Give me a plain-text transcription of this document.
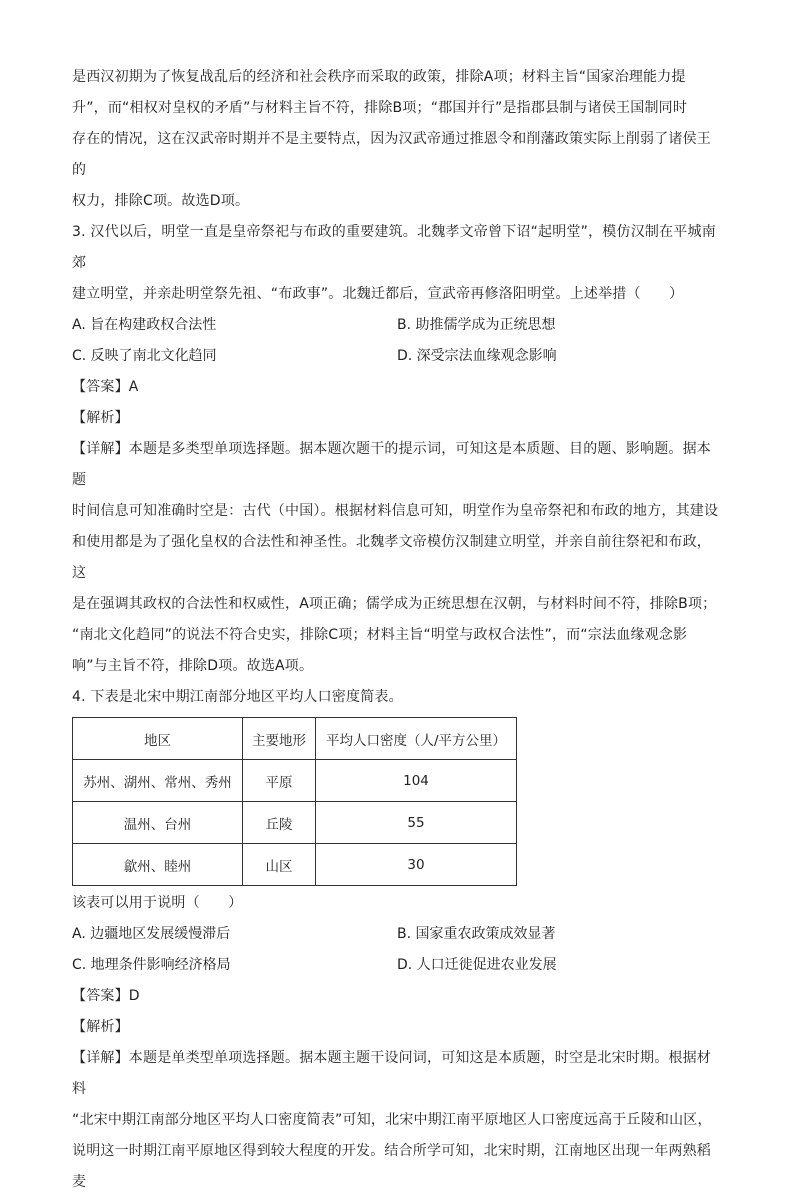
是西汉初期为了恢复战乱后的经济和社会秩序而采取的政策，排除A项；材料主旨“国家治理能力提

升”，而“相权对皇权的矛盾”与材料主旨不符，排除B项；“郡国并行”是指郡县制与诸侯王国制同时

存在的情况，这在汉武帝时期并不是主要特点，因为汉武帝通过推恩令和削藩政策实际上削弱了诸侯王的

权力，排除C项。故选D项。

3. 汉代以后，明堂一直是皇帝祭祀与布政的重要建筑。北魏孝文帝曾下诏“起明堂”，模仿汉制在平城南郊

建立明堂，并亲赴明堂祭先祖、“布政事”。北魏迁都后，宣武帝再修洛阳明堂。上述举措（　　）

A. 旨在构建政权合法性	B. 助推儒学成为正统思想
C. 反映了南北文化趋同	D. 深受宗法血缘观念影响

【答案】A

【解析】

【详解】本题是多类型单项选择题。据本题次题干的提示词，可知这是本质题、目的题、影响题。据本题

时间信息可知准确时空是：古代（中国）。根据材料信息可知，明堂作为皇帝祭祀和布政的地方，其建设

和使用都是为了强化皇权的合法性和神圣性。北魏孝文帝模仿汉制建立明堂，并亲自前往祭祀和布政，这

是在强调其政权的合法性和权威性，A项正确；儒学成为正统思想在汉朝，与材料时间不符，排除B项；

“南北文化趋同”的说法不符合史实，排除C项；材料主旨“明堂与政权合法性”，而“宗法血缘观念影

响”与主旨不符，排除D项。故选A项。

4. 下表是北宋中期江南部分地区平均人口密度简表。

地区	主要地形	平均人口密度（人/平方公里）
苏州、湖州、常州、秀州	平原	104
温州、台州	丘陵	55
歙州、睦州	山区	30

该表可以用于说明（　　）

A. 边疆地区发展缓慢滞后	B. 国家重农政策成效显著
C. 地理条件影响经济格局	D. 人口迁徙促进农业发展

【答案】D

【解析】

【详解】本题是单类型单项选择题。据本题主题干设问词，可知这是本质题，时空是北宋时期。根据材料

“北宋中期江南部分地区平均人口密度简表”可知，北宋中期江南平原地区人口密度远高于丘陵和山区，

说明这一时期江南平原地区得到较大程度的开发。结合所学可知，北宋时期，江南地区出现一年两熟稻麦
